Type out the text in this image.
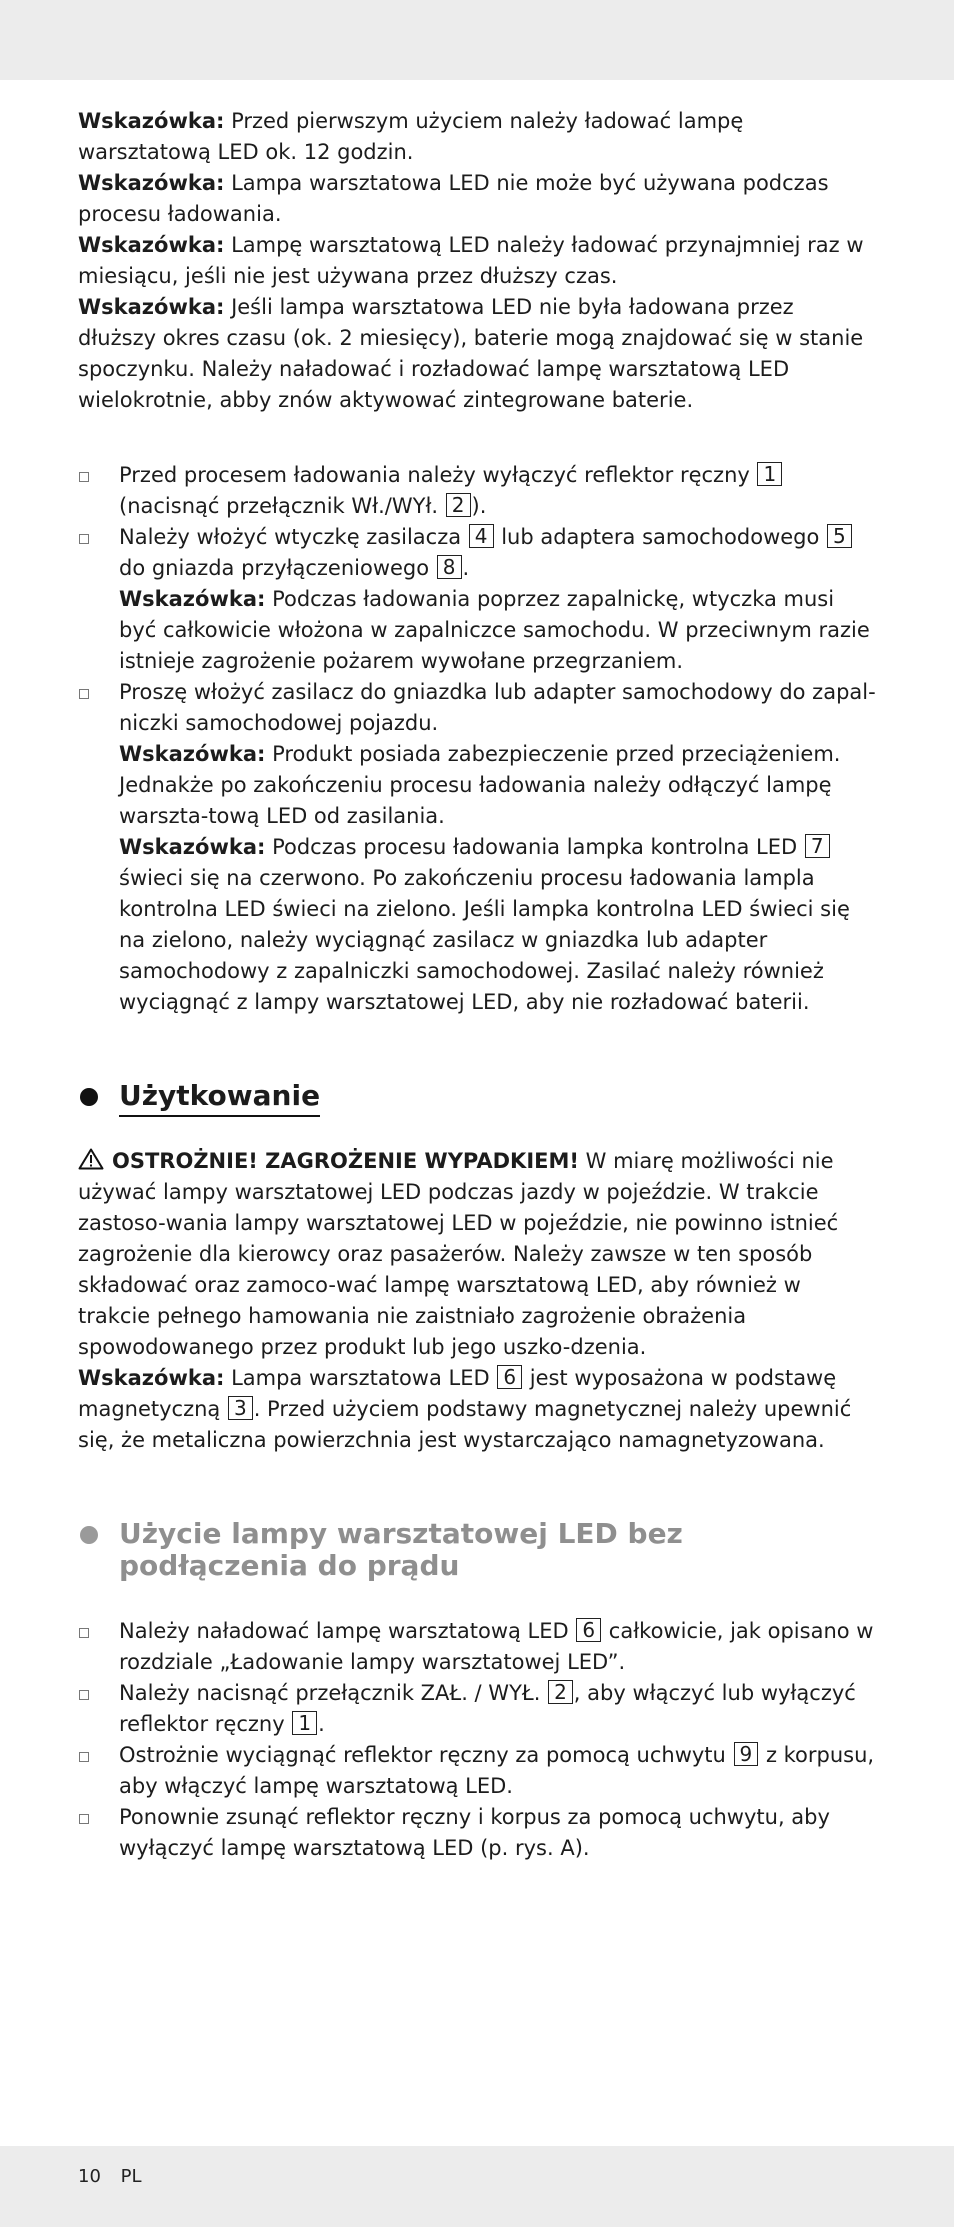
Wskazówka: Przed pierwszym użyciem należy ładować lampę warsztatową LED ok. 12 godzin.

Wskazówka: Lampa warsztatowa LED nie może być używana podczas procesu ładowania.

Wskazówka: Lampę warsztatową LED należy ładować przynajmniej raz w miesiącu, jeśli nie jest używana przez dłuższy czas.

Wskazówka: Jeśli lampa warsztatowa LED nie była ładowana przez dłuższy okres czasu (ok. 2 miesięcy), baterie mogą znajdować się w stanie spoczynku. Należy naładować i rozładować lampę warsztatową LED wielokrotnie, abby znów aktywować zintegrowane baterie.

Przed procesem ładowania należy wyłączyć reflektor ręczny 1 (nacisnąć przełącznik Wł./WYł. 2 ).
Należy włożyć wtyczkę zasilacza 4 lub adaptera samochodowego 5 do gniazda przyłączeniowego 8 .

Wskazówka: Podczas ładowania poprzez zapalnickę, wtyczka musi być całkowicie włożona w zapalniczce samochodu. W przeciwnym razie istnieje zagrożenie pożarem wywołane przegrzaniem.

Proszę włożyć zasilacz do gniazdka lub adapter samochodowy do zapal-niczki samochodowej pojazdu.

Wskazówka: Produkt posiada zabezpieczenie przed przeciążeniem. Jednakże po zakończeniu procesu ładowania należy odłączyć lampę warszta-tową LED od zasilania.

Wskazówka: Podczas procesu ładowania lampka kontrolna LED 7 świeci się na czerwono. Po zakończeniu procesu ładowania lampla kontrolna LED świeci na zielono. Jeśli lampka kontrolna LED świeci się na zielono, należy wyciągnąć zasilacz w gniazdka lub adapter samochodowy z zapalniczki samochodowej. Zasilać należy również wyciągnąć z lampy warsztatowej LED, aby nie rozładować baterii.

Użytkowanie

OSTROŻNIE! ZAGROŻENIE WYPADKIEM! W miarę możliwości nie używać lampy warsztatowej LED podczas jazdy w pojeździe. W trakcie zastoso-wania lampy warsztatowej LED w pojeździe, nie powinno istnieć zagrożenie dla kierowcy oraz pasażerów. Należy zawsze w ten sposób składować oraz zamoco-wać lampę warsztatową LED, aby również w trakcie pełnego hamowania nie zaistniało zagrożenie obrażenia spowodowanego przez produkt lub jego uszko-dzenia.

Wskazówka: Lampa warsztatowa LED 6 jest wyposażona w podstawę magnetyczną 3 . Przed użyciem podstawy magnetycznej należy upewnić się, że metaliczna powierzchnia jest wystarczająco namagnetyzowana.

Użycie lampy warsztatowej LED bez podłączenia do prądu
Należy naładować lampę warsztatową LED 6 całkowicie, jak opisano w rozdziale „Ładowanie lampy warsztatowej LED”.
Należy nacisnąć przełącznik ZAŁ. / WYŁ. 2 , aby włączyć lub wyłączyć reflektor ręczny 1 .
Ostrożnie wyciągnąć reflektor ręczny za pomocą uchwytu 9 z korpusu, aby włączyć lampę warsztatową LED.
Ponownie zsunąć reflektor ręczny i korpus za pomocą uchwytu, aby wyłączyć lampę warsztatową LED (p. rys. A).
10 PL
